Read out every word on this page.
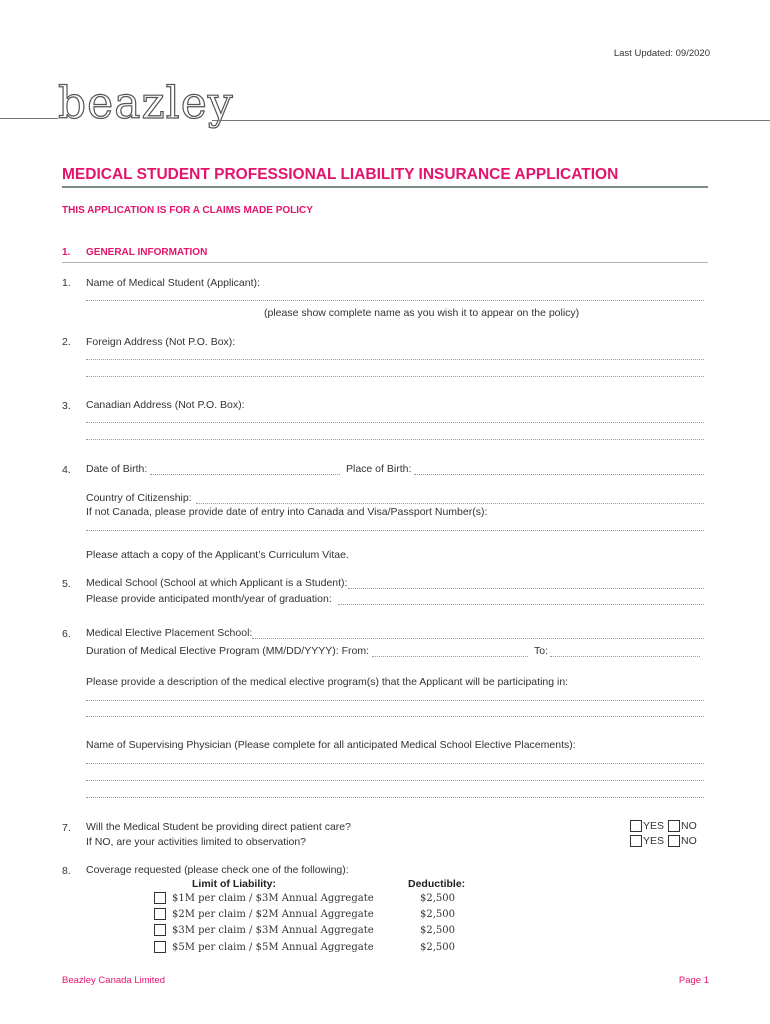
Last Updated: 09/2020
beazley
MEDICAL STUDENT PROFESSIONAL LIABILITY INSURANCE APPLICATION
THIS APPLICATION IS FOR A CLAIMS MADE POLICY
1. GENERAL INFORMATION
1. Name of Medical Student (Applicant):
(please show complete name as you wish it to appear on the policy)
2. Foreign Address (Not P.O. Box):
3. Canadian Address (Not P.O. Box):
4. Date of Birth:	Place of Birth:
Country of Citizenship:
If not Canada, please provide date of entry into Canada and Visa/Passport Number(s):
Please attach a copy of the Applicant’s Curriculum Vitae.
5. Medical School (School at which Applicant is a Student):
Please provide anticipated month/year of graduation:
6. Medical Elective Placement School:
Duration of Medical Elective Program (MM/DD/YYYY): From:	To:
Please provide a description of the medical elective program(s) that the Applicant will be participating in:
Name of Supervising Physician (Please complete for all anticipated Medical School Elective Placements):
7. Will the Medical Student be providing direct patient care?
If NO, are your activities limited to observation?
YES NO
YES NO
8. Coverage requested (please check one of the following):
Limit of Liability:	Deductible:
$1M per claim / $3M Annual Aggregate	$2,500
$2M per claim / $2M Annual Aggregate	$2,500
$3M per claim / $3M Annual Aggregate	$2,500
$5M per claim / $5M Annual Aggregate	$2,500
Beazley Canada Limited	Page 1
